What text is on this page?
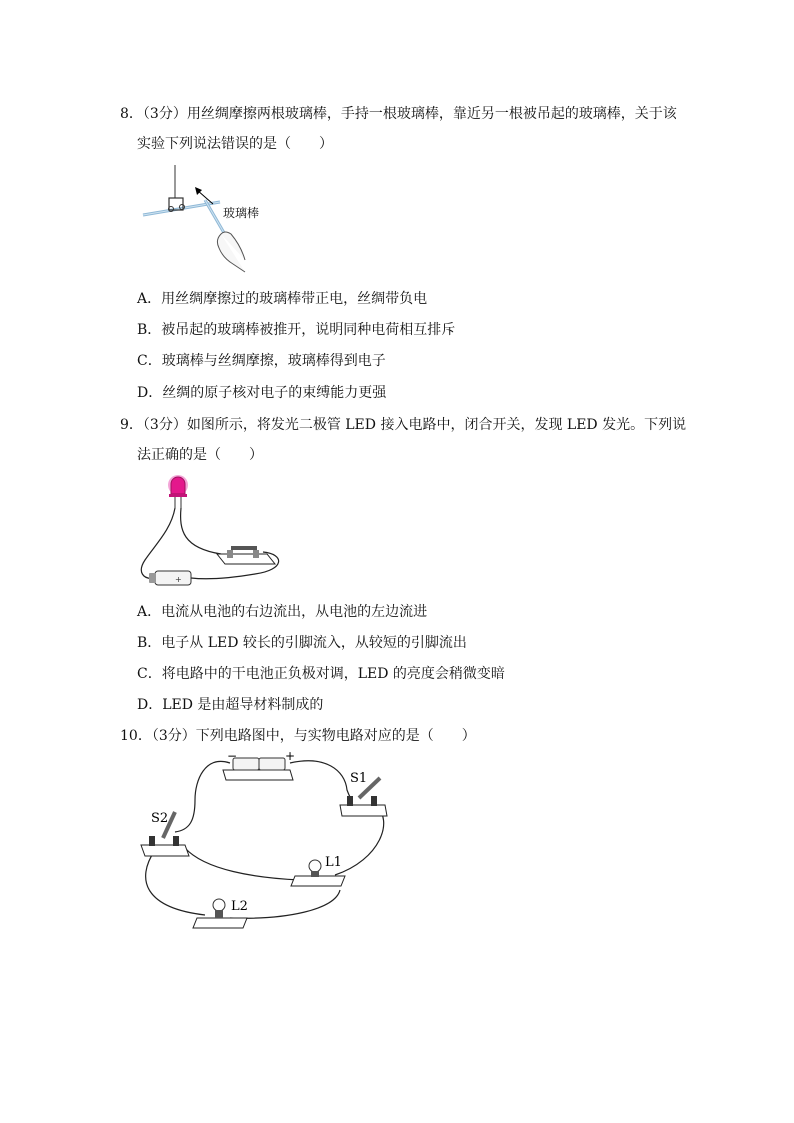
8．（3分）用丝绸摩擦两根玻璃棒，手持一根玻璃棒，靠近另一根被吊起的玻璃棒，关于该
实验下列说法错误的是（　　）
玻璃棒
A．用丝绸摩擦过的玻璃棒带正电，丝绸带负电
B．被吊起的玻璃棒被推开，说明同种电荷相互排斥
C．玻璃棒与丝绸摩擦，玻璃棒得到电子
D．丝绸的原子核对电子的束缚能力更强
9．（3分）如图所示，将发光二极管 LED 接入电路中，闭合开关，发现 LED 发光。下列说
法正确的是（　　）
+
A．电流从电池的右边流出，从电池的左边流进
B．电子从 LED 较长的引脚流入，从较短的引脚流出
C．将电路中的干电池正负极对调，LED 的亮度会稍微变暗
D．LED 是由超导材料制成的
10．（3分）下列电路图中，与实物电路对应的是（　　）
−	+
S1
S2
L1
L2
